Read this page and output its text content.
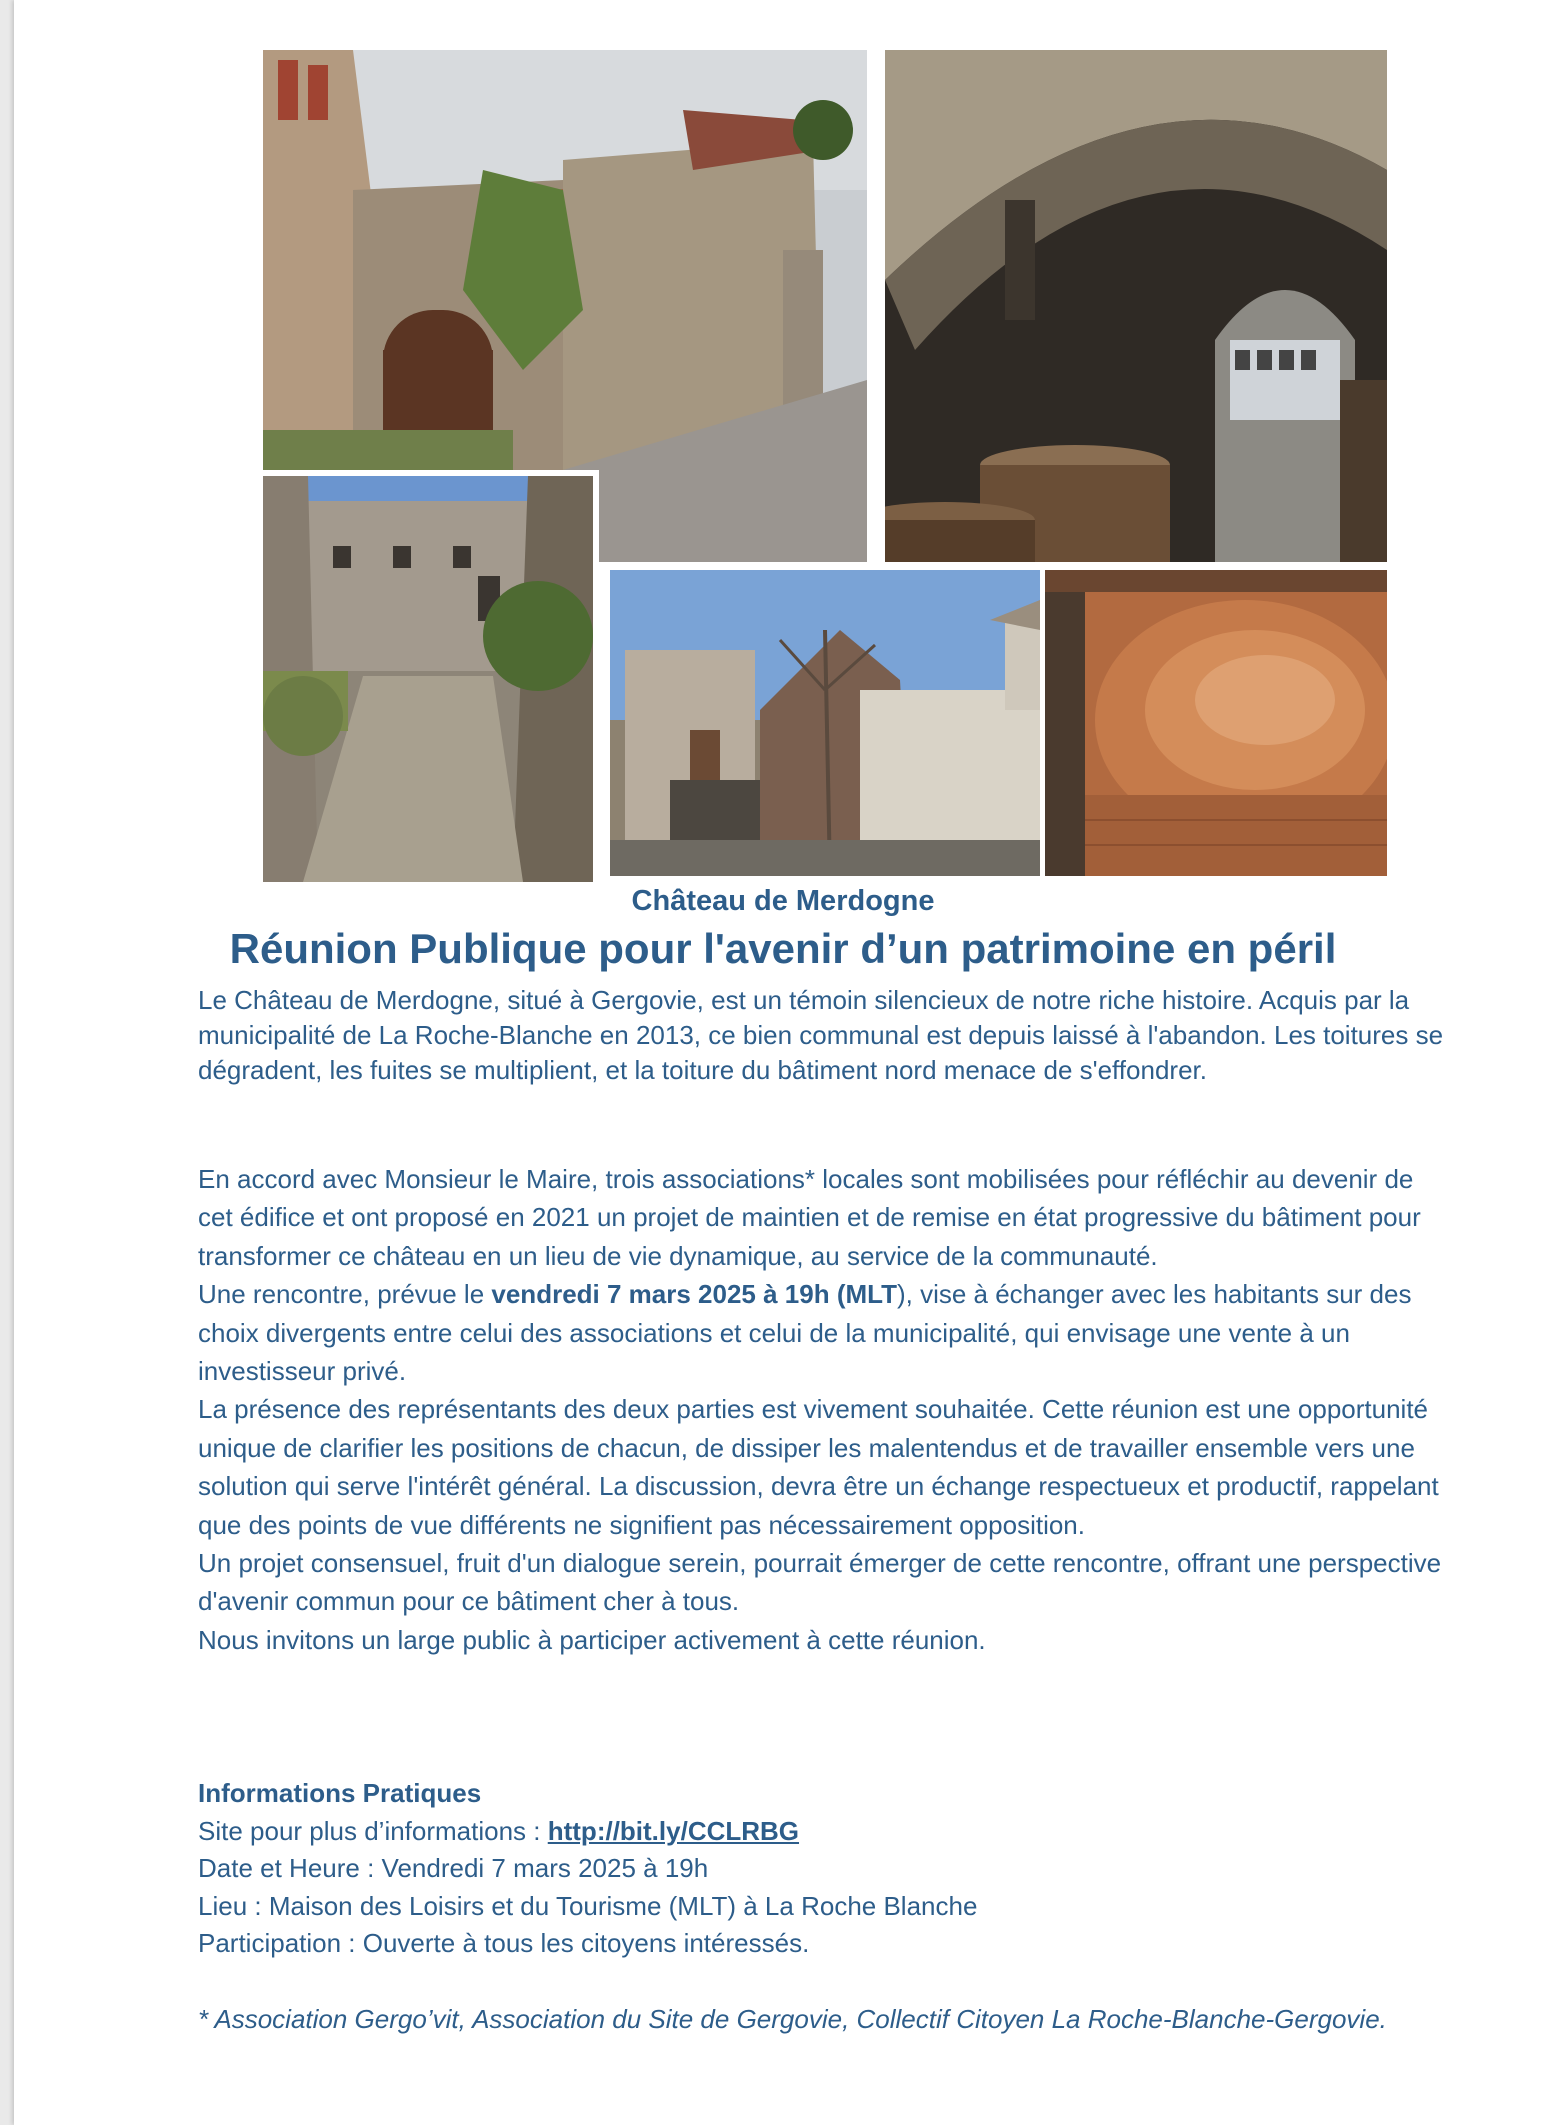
Château de Merdogne
Réunion Publique pour l'avenir d’un patrimoine en péril

Le Château de Merdogne, situé à Gergovie, est un témoin silencieux de notre riche histoire. Acquis par la municipalité de La Roche-Blanche en 2013, ce bien communal est depuis laissé à l'abandon. Les toitures se dégradent, les fuites se multiplient, et la toiture du bâtiment nord menace de s'effondrer.

En accord avec Monsieur le Maire, trois associations* locales sont mobilisées pour réfléchir au devenir de cet édifice et ont proposé en 2021 un projet de maintien et de remise en état progressive du bâtiment pour transformer ce château en un lieu de vie dynamique, au service de la communauté.

Une rencontre, prévue le vendredi 7 mars 2025 à 19h (MLT), vise à échanger avec les habitants sur des choix divergents entre celui des associations et celui de la municipalité, qui envisage une vente à un investisseur privé.

La présence des représentants des deux parties est vivement souhaitée. Cette réunion est une opportunité unique de clarifier les positions de chacun, de dissiper les malentendus et de travailler ensemble vers une solution qui serve l'intérêt général. La discussion, devra être un échange respectueux et productif, rappelant que des points de vue différents ne signifient pas nécessairement opposition.

Un projet consensuel, fruit d'un dialogue serein, pourrait émerger de cette rencontre, offrant une perspective d'avenir commun pour ce bâtiment cher à tous.

Nous invitons un large public à participer activement à cette réunion.

Informations Pratiques
Site pour plus d’informations : http://bit.ly/CCLRBG
Date et Heure : Vendredi 7 mars 2025 à 19h
Lieu : Maison des Loisirs et du Tourisme (MLT) à La Roche Blanche
Participation : Ouverte à tous les citoyens intéressés.
* Association Gergo’vit, Association du Site de Gergovie, Collectif Citoyen La Roche-Blanche-Gergovie.
